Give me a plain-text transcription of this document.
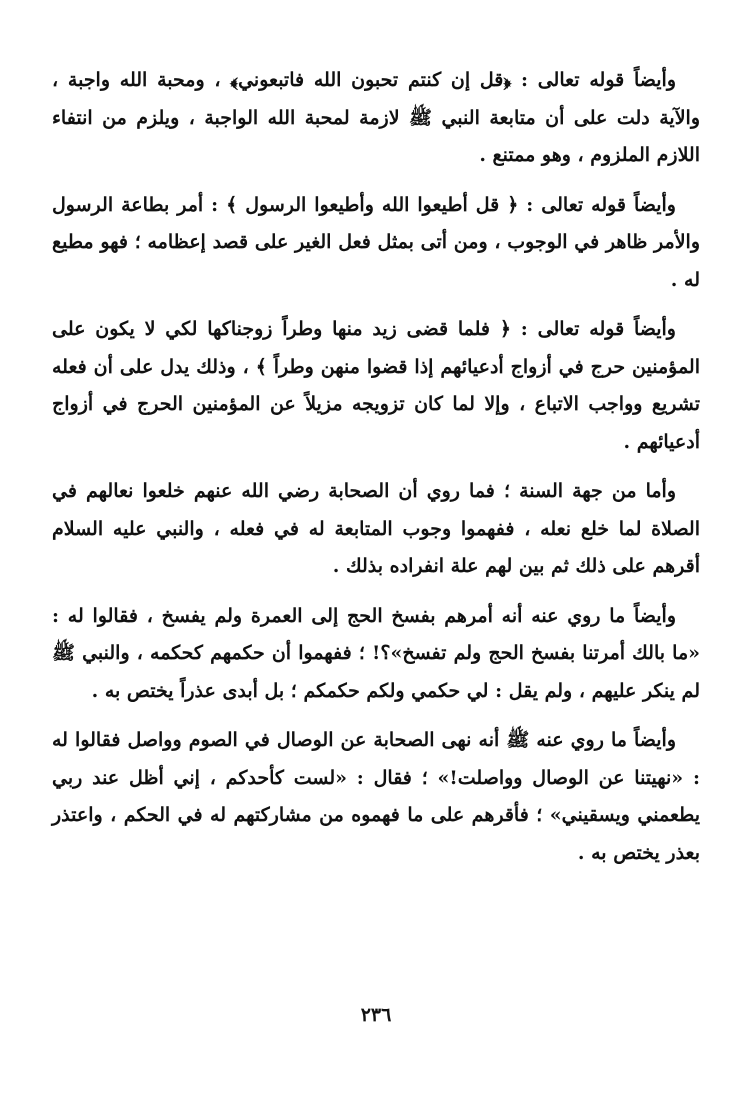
وأيضاً قوله تعالى : ﴿قل إن كنتم تحبون الله فاتبعوني﴾ ، ومحبة الله واجبة ، والآية دلت على أن متابعة النبي ﷺ لازمة لمحبة الله الواجبة ، ويلزم من انتفاء اللازم الملزوم ، وهو ممتنع .

وأيضاً قوله تعالى : ﴿ قل أطيعوا الله وأطيعوا الرسول ﴾ : أمر بطاعة الرسول والأمر ظاهر في الوجوب ، ومن أتى بمثل فعل الغير على قصد إعظامه ؛ فهو مطيع له .

وأيضاً قوله تعالى : ﴿ فلما قضى زيد منها وطراً زوجناكها لكي لا يكون على المؤمنين حرج في أزواج أدعيائهم إذا قضوا منهن وطراً ﴾ ، وذلك يدل على أن فعله تشريع وواجب الاتباع ، وإلا لما كان تزويجه مزيلاً عن المؤمنين الحرج في أزواج أدعيائهم .

وأما من جهة السنة ؛ فما روي أن الصحابة رضي الله عنهم خلعوا نعالهم في الصلاة لما خلع نعله ، ففهموا وجوب المتابعة له في فعله ، والنبي عليه السلام أقرهم على ذلك ثم بين لهم علة انفراده بذلك .

وأيضاً ما روي عنه أنه أمرهم بفسخ الحج إلى العمرة ولم يفسخ ، فقالوا له : «ما بالك أمرتنا بفسخ الحج ولم تفسخ»؟! ؛ ففهموا أن حكمهم كحكمه ، والنبي ﷺ لم ينكر عليهم ، ولم يقل : لي حكمي ولكم حكمكم ؛ بل أبدى عذراً يختص به .

وأيضاً ما روي عنه ﷺ أنه نهى الصحابة عن الوصال في الصوم وواصل فقالوا له : «نهيتنا عن الوصال وواصلت!» ؛ فقال : «لست كأحدكم ، إني أظل عند ربي يطعمني ويسقيني» ؛ فأقرهم على ما فهموه من مشاركتهم له في الحكم ، واعتذر بعذر يختص به .

٢٣٦
